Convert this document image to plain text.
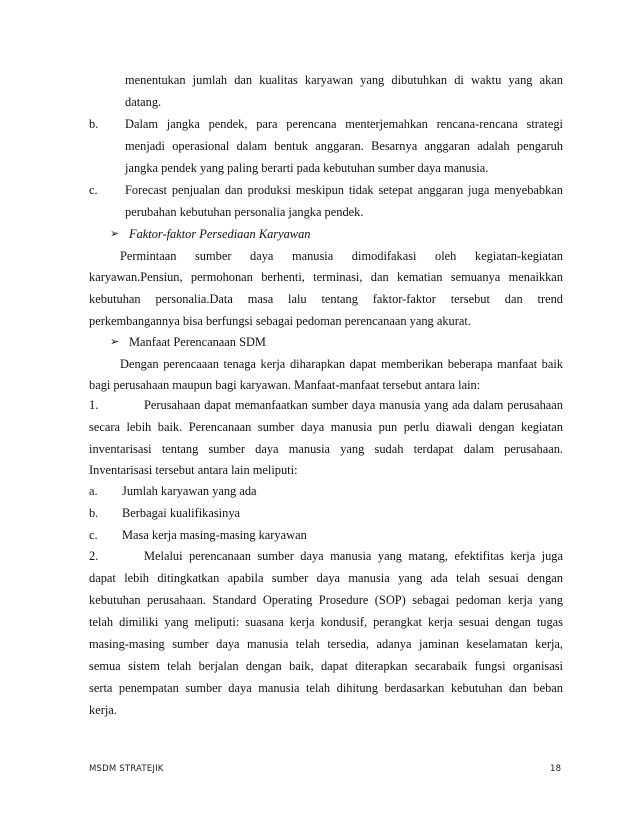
b.
c.
➢
➢
1.
a.
b.
c.
2.
menentukan jumlah dan kualitas karyawan yang dibutuhkan di waktu yang akan
datang.
Dalam jangka pendek, para perencana menterjemahkan rencana-rencana strategi
menjadi operasional dalam bentuk anggaran. Besarnya anggaran adalah pengaruh
jangka pendek yang paling berarti pada kebutuhan sumber daya manusia.
Forecast penjualan dan produksi meskipun tidak setepat anggaran juga menyebabkan
perubahan kebutuhan personalia jangka pendek.
Faktor-faktor Persediaan Karyawan
Permintaan sumber daya manusia dimodifakasi oleh kegiatan-kegiatan
karyawan.Pensiun, permohonan berhenti, terminasi, dan kematian semuanya menaikkan
kebutuhan personalia.Data masa lalu tentang faktor-faktor tersebut dan trend
perkembangannya bisa berfungsi sebagai pedoman perencanaan yang akurat.
Manfaat Perencanaan SDM
Dengan perencaaan tenaga kerja diharapkan dapat memberikan beberapa manfaat baik
bagi perusahaan maupun bagi karyawan. Manfaat-manfaat tersebut antara lain:
Perusahaan dapat memanfaatkan sumber daya manusia yang ada dalam perusahaan
secara lebih baik. Perencanaan sumber daya manusia pun perlu diawali dengan kegiatan
inventarisasi tentang sumber daya manusia yang sudah terdapat dalam perusahaan.
Inventarisasi tersebut antara lain meliputi:
Jumlah karyawan yang ada
Berbagai kualifikasinya
Masa kerja masing-masing karyawan
Melalui perencanaan sumber daya manusia yang matang, efektifitas kerja juga
dapat lebih ditingkatkan apabila sumber daya manusia yang ada telah sesuai dengan
kebutuhan perusahaan. Standard Operating Prosedure (SOP) sebagai pedoman kerja yang
telah dimiliki yang meliputi: suasana kerja kondusif, perangkat kerja sesuai dengan tugas
masing-masing sumber daya manusia telah tersedia, adanya jaminan keselamatan kerja,
semua sistem telah berjalan dengan baik, dapat diterapkan secarabaik fungsi organisasi
serta penempatan sumber daya manusia telah dihitung berdasarkan kebutuhan dan beban
kerja.
MSDM STRATEJIK	18
